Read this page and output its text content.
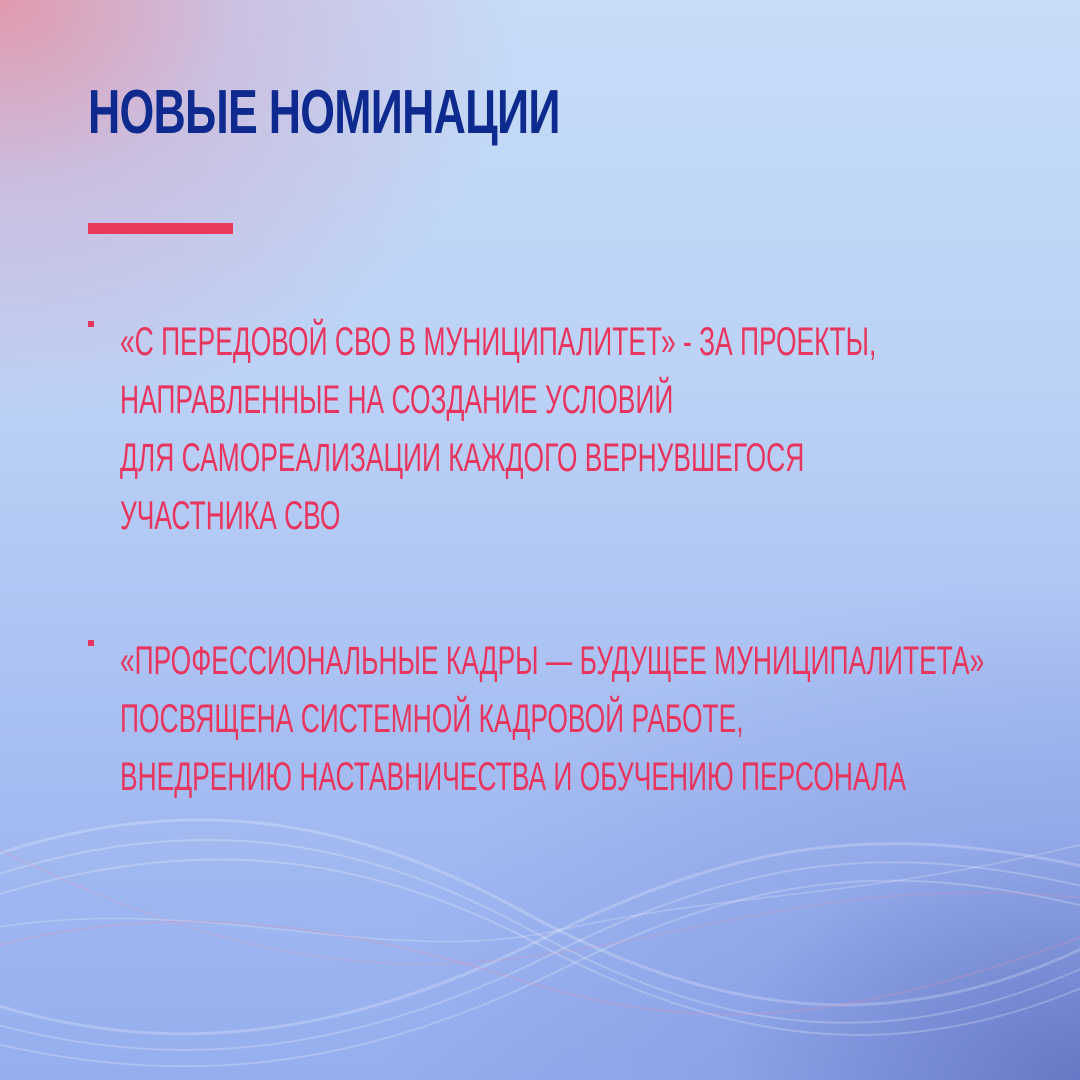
НОВЫЕ НОМИНАЦИИ

«С ПЕРЕДОВОЙ СВО В МУНИЦИПАЛИТЕТ» - ЗА ПРОЕКТЫ,
НАПРАВЛЕННЫЕ НА СОЗДАНИЕ УСЛОВИЙ
ДЛЯ САМОРЕАЛИЗАЦИИ КАЖДОГО ВЕРНУВШЕГОСЯ
УЧАСТНИКА СВО

«ПРОФЕССИОНАЛЬНЫЕ КАДРЫ — БУДУЩЕЕ МУНИЦИПАЛИТЕТА»
ПОСВЯЩЕНА СИСТЕМНОЙ КАДРОВОЙ РАБОТЕ,
ВНЕДРЕНИЮ НАСТАВНИЧЕСТВА И ОБУЧЕНИЮ ПЕРСОНАЛА
